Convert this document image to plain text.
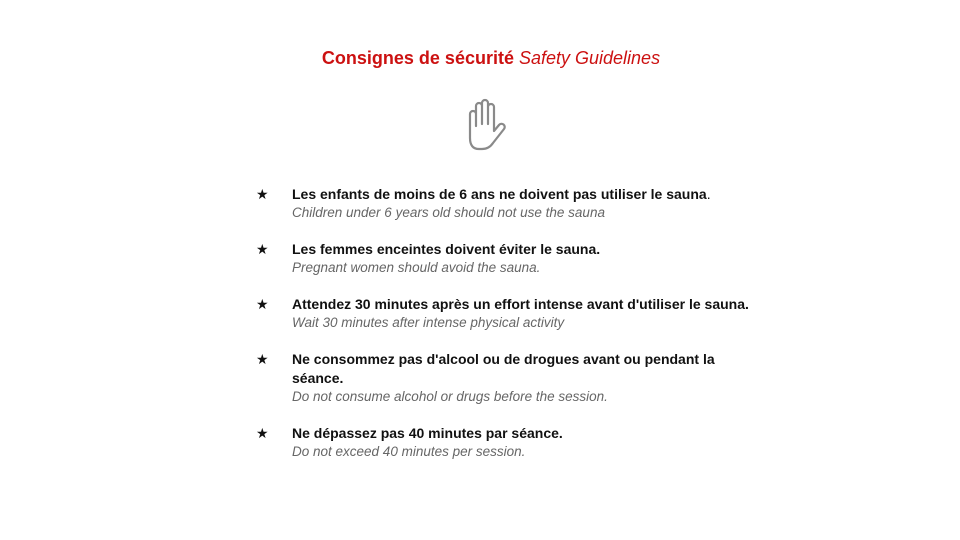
Consignes de sécurité Safety Guidelines
★ Les enfants de moins de 6 ans ne doivent pas utiliser le sauna.
Children under 6 years old should not use the sauna
★ Les femmes enceintes doivent éviter le sauna.
Pregnant women should avoid the sauna.
★ Attendez 30 minutes après un effort intense avant d'utiliser le sauna.
Wait 30 minutes after intense physical activity
★ Ne consommez pas d'alcool ou de drogues avant ou pendant la séance.
Do not consume alcohol or drugs before the session.
★ Ne dépassez pas 40 minutes par séance.
Do not exceed 40 minutes per session.
